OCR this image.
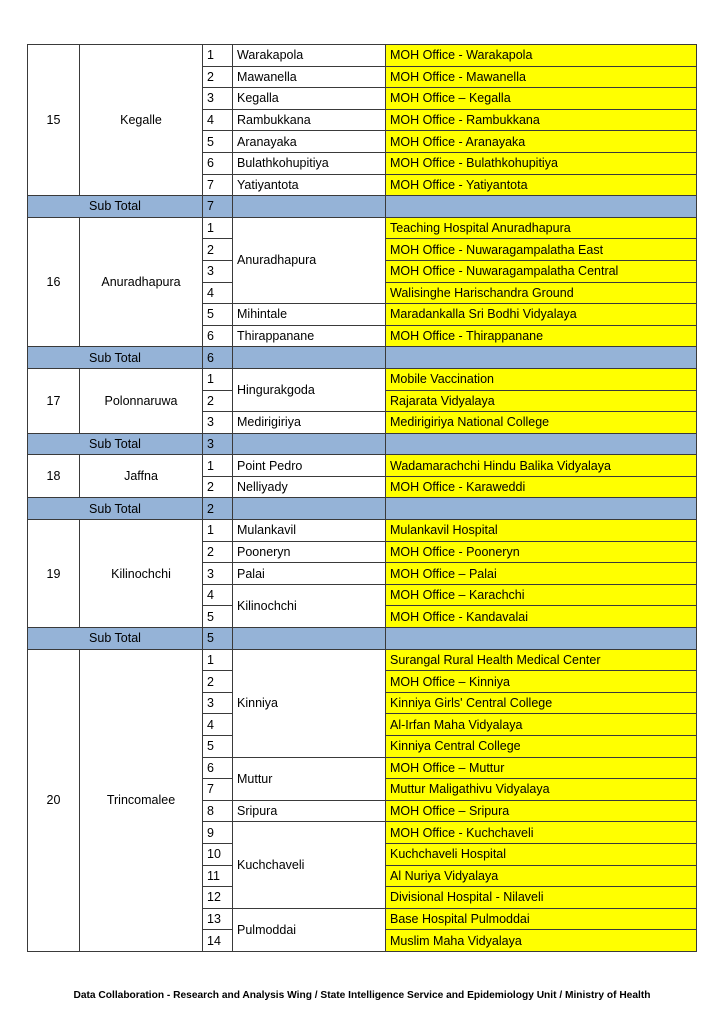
15	Kegalle	1	Warakapola	MOH Office - Warakapola
		2	Mawanella	MOH Office - Mawanella
		3	Kegalla	MOH Office – Kegalla
		4	Rambukkana	MOH Office - Rambukkana
		5	Aranayaka	MOH Office - Aranayaka
		6	Bulathkohupitiya	MOH Office - Bulathkohupitiya
		7	Yatiyantota	MOH Office - Yatiyantota
Sub Total		7		
16	Anuradhapura	1	Anuradhapura	Teaching Hospital Anuradhapura
		2		MOH Office - Nuwaragampalatha East
		3		MOH Office - Nuwaragampalatha Central
		4		Walisinghe Harischandra Ground
		5	Mihintale	Maradankalla Sri Bodhi Vidyalaya
		6	Thirappanane	MOH Office - Thirappanane
Sub Total		6		
17	Polonnaruwa	1	Hingurakgoda	Mobile Vaccination
		2		Rajarata Vidyalaya
		3	Medirigiriya	Medirigiriya National College
Sub Total		3		
18	Jaffna	1	Point Pedro	Wadamarachchi Hindu Balika Vidyalaya
		2	Nelliyady	MOH Office - Karaweddi
Sub Total		2		
19	Kilinochchi	1	Mulankavil	Mulankavil Hospital
		2	Pooneryn	MOH Office - Pooneryn
		3	Palai	MOH Office – Palai
		4	Kilinochchi	MOH Office – Karachchi
		5		MOH Office - Kandavalai
Sub Total		5		
20	Trincomalee	1	Kinniya	Surangal Rural Health Medical Center
		2		MOH Office – Kinniya
		3		Kinniya Girls' Central College
		4		Al-Irfan Maha Vidyalaya
		5		Kinniya Central College
		6	Muttur	MOH Office – Muttur
		7		Muttur Maligathivu Vidyalaya
		8	Sripura	MOH Office – Sripura
		9	Kuchchaveli	MOH Office - Kuchchaveli
		10		Kuchchaveli Hospital
		11		Al Nuriya Vidyalaya
		12		Divisional Hospital - Nilaveli
		13	Pulmoddai	Base Hospital Pulmoddai
		14		Muslim Maha Vidyalaya
Data Collaboration - Research and Analysis Wing / State Intelligence Service and Epidemiology Unit / Ministry of Health
